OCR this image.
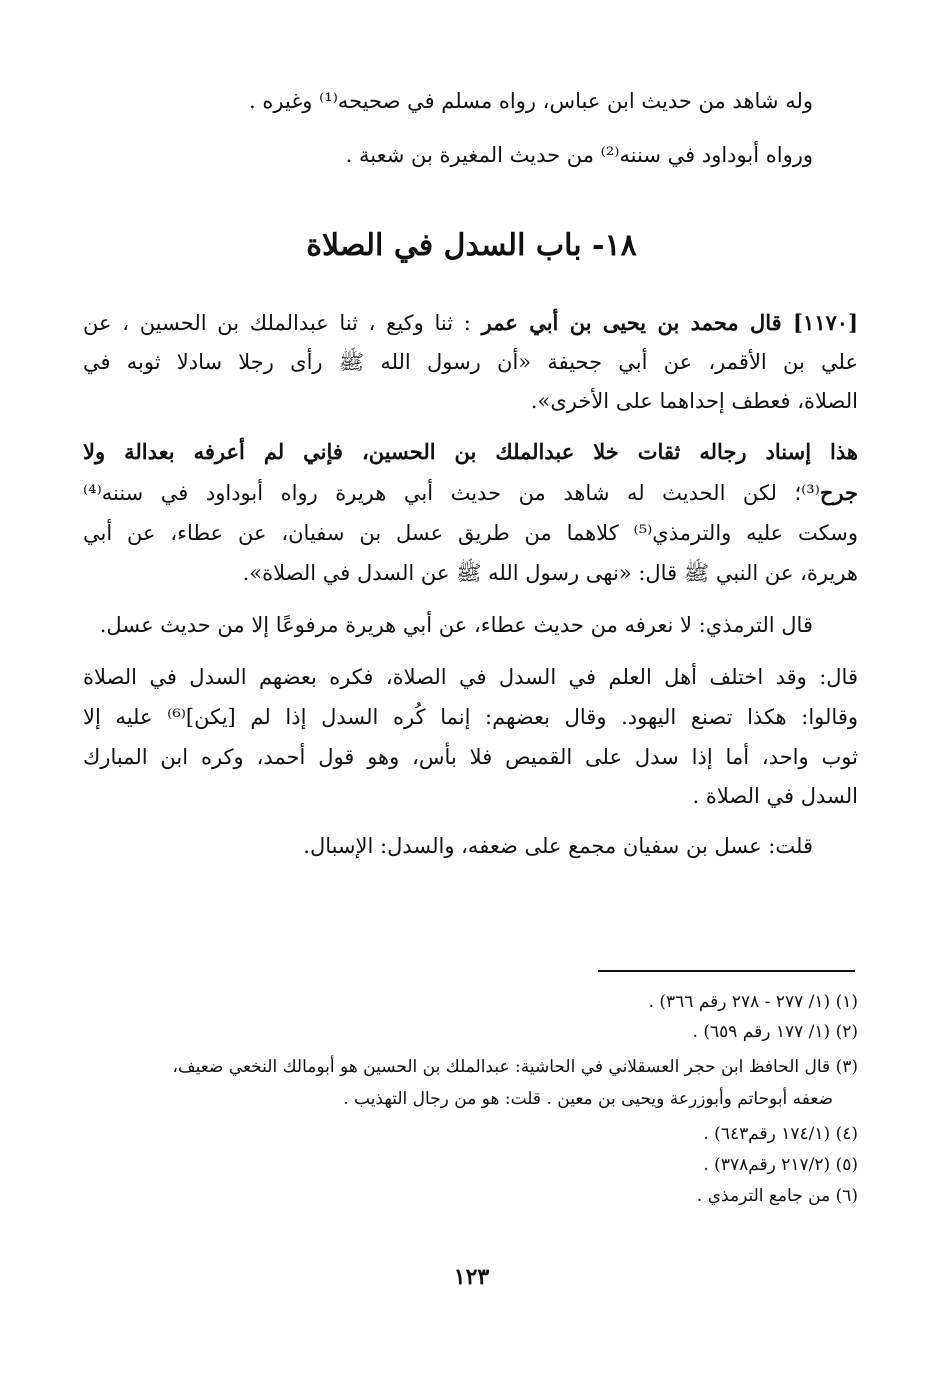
وله شاهد من حديث ابن عباس، رواه مسلم في صحيحه⁽¹⁾ وغيره .
ورواه أبوداود في سننه⁽²⁾ من حديث المغيرة بن شعبة .
١٨- باب السدل في الصلاة
[١١٧٠] قال محمد بن يحيى بن أبي عمر : ثنا وكيع ، ثنا عبدالملك بن الحسين ، عن
علي بن الأقمر، عن أبي جحيفة «أن رسول الله ﷺ رأى رجلا سادلا ثوبه في
الصلاة، فعطف إحداهما على الأخرى».
هذا إسناد رجاله ثقات خلا عبدالملك بن الحسين، فإني لم أعرفه بعدالة ولا
جرح⁽³⁾؛ لكن الحديث له شاهد من حديث أبي هريرة رواه أبوداود في سننه⁽⁴⁾
وسكت عليه والترمذي⁽⁵⁾ كلاهما من طريق عسل بن سفيان، عن عطاء، عن أبي
هريرة، عن النبي ﷺ قال: «نهى رسول الله ﷺ عن السدل في الصلاة».
قال الترمذي: لا نعرفه من حديث عطاء، عن أبي هريرة مرفوعًا إلا من حديث عسل.
قال: وقد اختلف أهل العلم في السدل في الصلاة، فكره بعضهم السدل في الصلاة
وقالوا: هكذا تصنع اليهود. وقال بعضهم: إنما كُره السدل إذا لم [يكن]⁽⁶⁾ عليه إلا
ثوب واحد، أما إذا سدل على القميص فلا بأس، وهو قول أحمد، وكره ابن المبارك
السدل في الصلاة .
قلت: عسل بن سفيان مجمع على ضعفه، والسدل: الإسبال.
(١) (١/ ٢٧٧ - ٢٧٨ رقم ٣٦٦) .
(٢) (١/ ١٧٧ رقم ٦٥٩) .
(٣) قال الحافظ ابن حجر العسقلاني في الحاشية: عبدالملك بن الحسين هو أبومالك النخعي ضعيف،
ضعفه أبوحاتم وأبوزرعة ويحيى بن معين . قلت: هو من رجال التهذيب .
(٤) (١٧٤/١ رقم٦٤٣) .
(٥) (٢١٧/٢ رقم٣٧٨) .
(٦) من جامع الترمذي .
١٢٣
